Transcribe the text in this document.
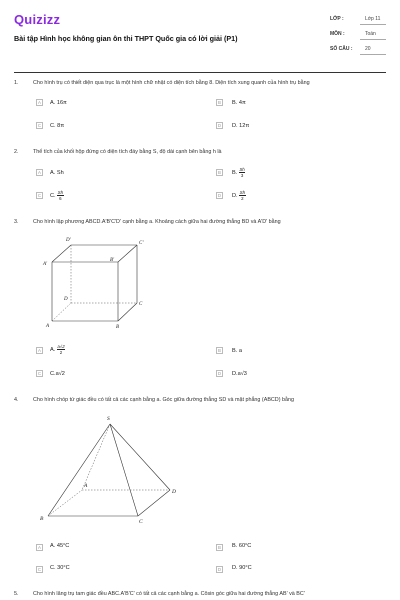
Quizizz
Bài tập Hình học không gian ôn thi THPT Quốc gia có lời giải (P1)
LỚP :	Lớp 11
MÔN :	Toán
SỐ CÂU :	20
1.	Cho hình trụ có thiết diện qua trục là một hình chữ nhật có diện tích bằng 8. Diện tích xung quanh của hình trụ bằng
A	A. 16π	B	B. 4π
C	C. 8π	D	D. 12π
2.	Thể tích của khối hộp đứng có diện tích đáy bằng S, độ dài cạnh bên bằng h là
A	A. Sh	B	B. $\frac{Sh}{3}$
C	C. $\frac{Sh}{6}$	D	D. $\frac{Sh}{2}$
3.	Cho hình lập phương ABCD.A'B'C'D' cạnh bằng a. Khoảng cách giữa hai đường thẳng BD và A'D' bằng
D'
C'
A'
B'
D
C
A	B
A	A. $\frac{a√2}{2}$	B	B. a
C	C.a√2	D	D.a√3
4.	Cho hình chóp tứ giác đều có tất cả các cạnh bằng a. Góc giữa đường thẳng SD và mặt phẳng (ABCD) bằng
S
A
D
B	C
A	A. 45°C	B	B. 60°C
C	C. 30°C	D	D. 90°C
5.	Cho hình lăng trụ tam giác đều ABC.A'B'C' có tất cả các cạnh bằng a. Côsin góc giữa hai đường thẳng AB' và BC'
